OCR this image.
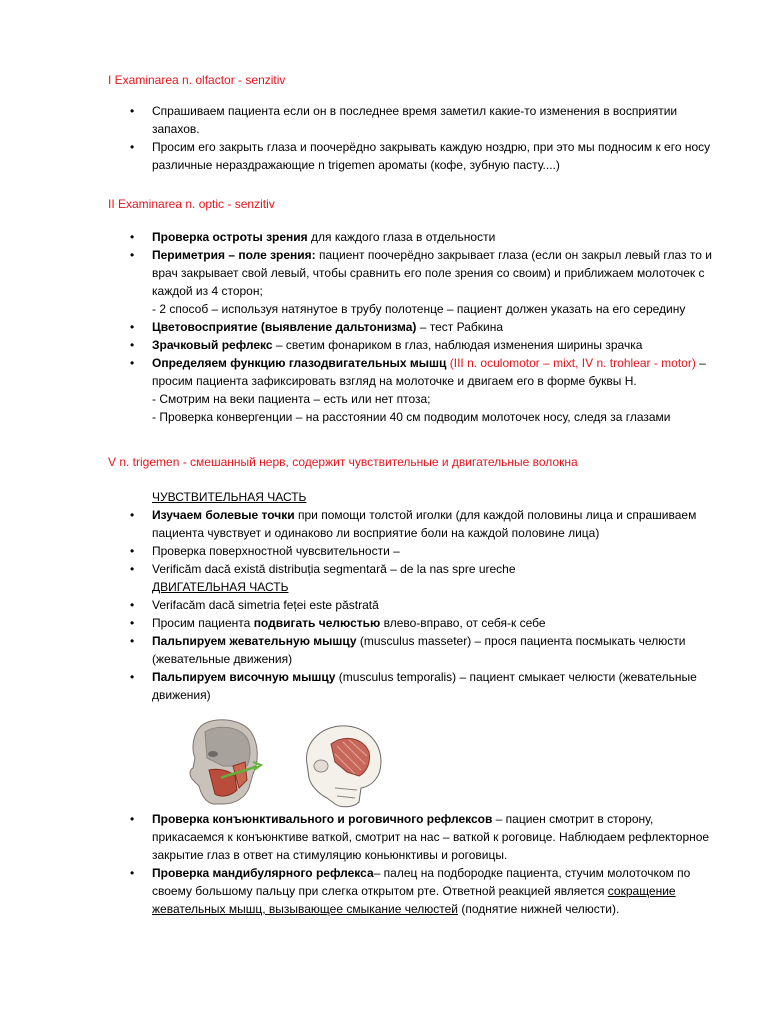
I Examinarea n. olfactor - senzitiv
• Спрашиваем пациента если он в последнее время заметил какие-то изменения в восприятии запахов.
• Просим его закрыть глаза и поочерёдно закрывать каждую ноздрю, при это мы подносим к его носу различные нераздражающие n trigemen ароматы (кофе, зубную пасту....)
II Examinarea n. optic - senzitiv
• Проверка остроты зрения для каждого глаза в отдельности
• Периметрия – поле зрения: пациент поочерёдно закрывает глаза (если он закрыл левый глаз то и врач закрывает свой левый, чтобы сравнить его поле зрения со своим) и приближаем молоточек с каждой из 4 сторон;
- 2 способ – используя натянутое в трубу полотенце – пациент должен указать на его середину
• Цветовосприятие (выявление дальтонизма) – тест Рабкина
• Зрачковый рефлекс – светим фонариком в глаз, наблюдая изменения ширины зрачка
• Определяем функцию глазодвигательных мышц (III n. oculomotor – mixt, IV n. trohlear - motor) – просим пациента зафиксировать взгляд на молоточке и двигаем его в форме буквы Н.
- Смотрим на веки пациента – есть или нет птоза;
- Проверка конвергенции – на расстоянии 40 см подводим молоточек носу, следя за глазами
V n. trigemen - смешанный нерв, содержит чувствительные и двигательные волокна
ЧУВСТВИТЕЛЬНАЯ ЧАСТЬ
• Изучаем болевые точки при помощи толстой иголки (для каждой половины лица и спрашиваем пациента чувствует и одинаково ли восприятие боли на каждой половине лица)
• Проверка поверхностной чувсвительности –
• Verificăm dacă există distribuția segmentară – de la nas spre ureche
ДВИГАТЕЛЬНАЯ ЧАСТЬ
• Verifacăm dacă simetria feței este păstrată
• Просим пациента подвигать челюстью влево-вправо, от себя-к себе
• Пальпируем жевательную мышцу (musculus masseter) – прося пациента посмыкать челюсти (жевательные движения)
• Пальпируем височную мышцу (musculus temporalis) – пациент смыкает челюсти (жевательные движения)
• Проверка конъюнктивального и роговичного рефлексов – пациен смотрит в сторону, прикасаемся к конъюнктиве ваткой, смотрит на нас – ваткой к роговице. Наблюдаем рефлекторное закрытие глаз в ответ на стимуляцию коньюнктивы и роговицы.
• Проверка мандибулярного рефлекса– палец на подбородке пациента, стучим молоточком по своему большому пальцу при слегка открытом рте. Ответной реакцией является сокращение жевательных мышц, вызывающее смыкание челюстей (поднятие нижней челюсти).
